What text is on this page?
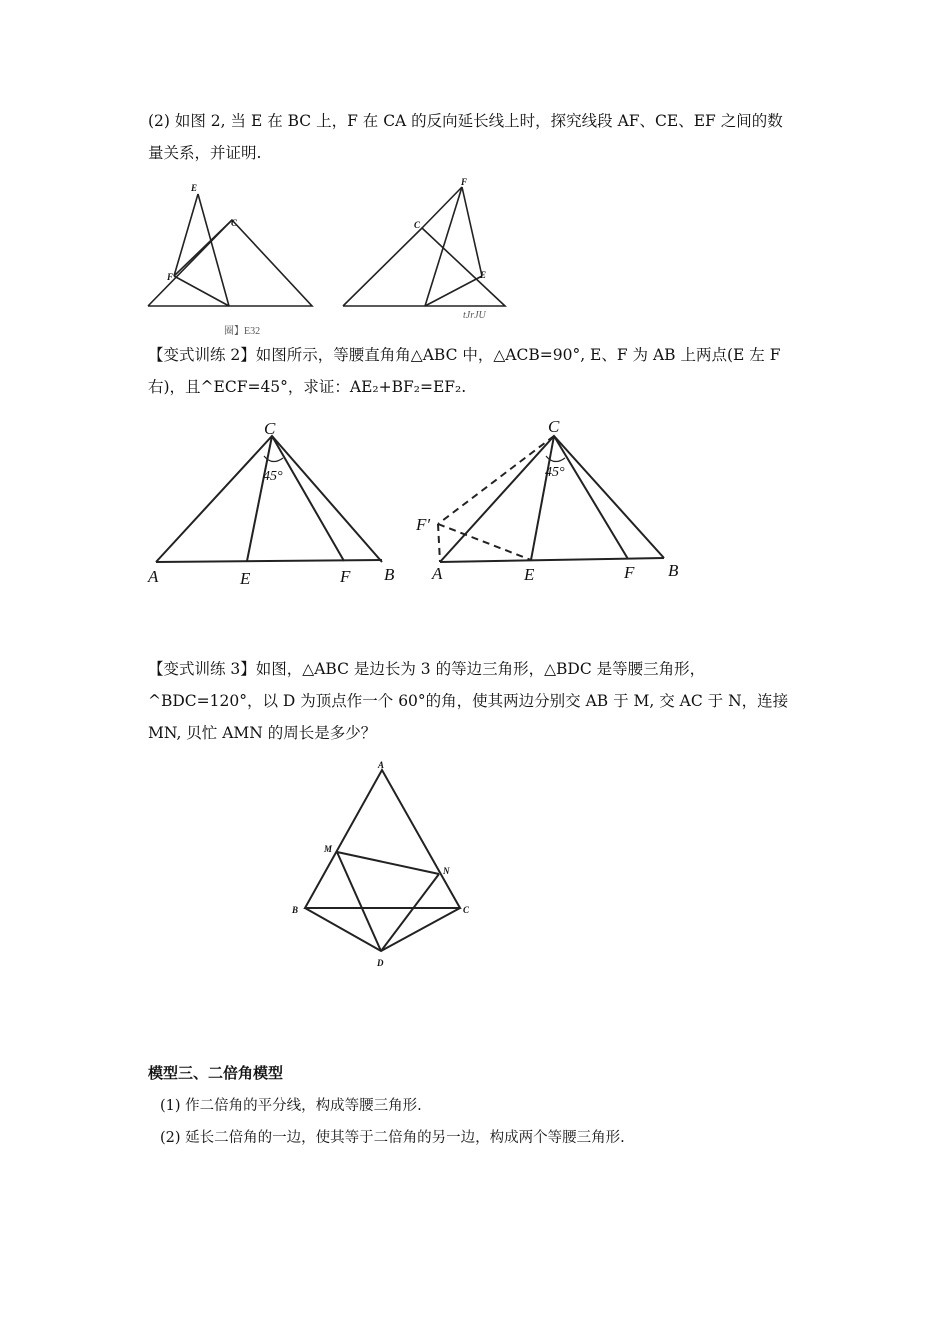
(2) 如图 2, 当 E 在 BC 上，F 在 CA 的反向延长线上时，探究线段 AF、CE、EF 之间的数
量关系，并证明.
E
C
F
F
C
E
圈】E32
tJrJU
【变式训练 2】如图所示，等腰直角角△ABC 中，△ACB=90°, E、F 为 AB 上两点(E 左 F
右)，且^ECF=45°，求证：AE₂+BF₂=EF₂.
C
45°
A	E	F B
C
45°
F′
A	E	F B
【变式训练 3】如图，△ABC 是边长为 3 的等边三角形，△BDC 是等腰三角形，
^BDC=120°，以 D 为顶点作一个 60°的角，使其两边分别交 AB 于 M, 交 AC 于 N，连接
MN, 贝忙 AMN 的周长是多少？
A
M
N
B	C
D
模型三、二倍角模型
(1) 作二倍角的平分线，构成等腰三角形.
(2) 延长二倍角的一边，使其等于二倍角的另一边，构成两个等腰三角形.
